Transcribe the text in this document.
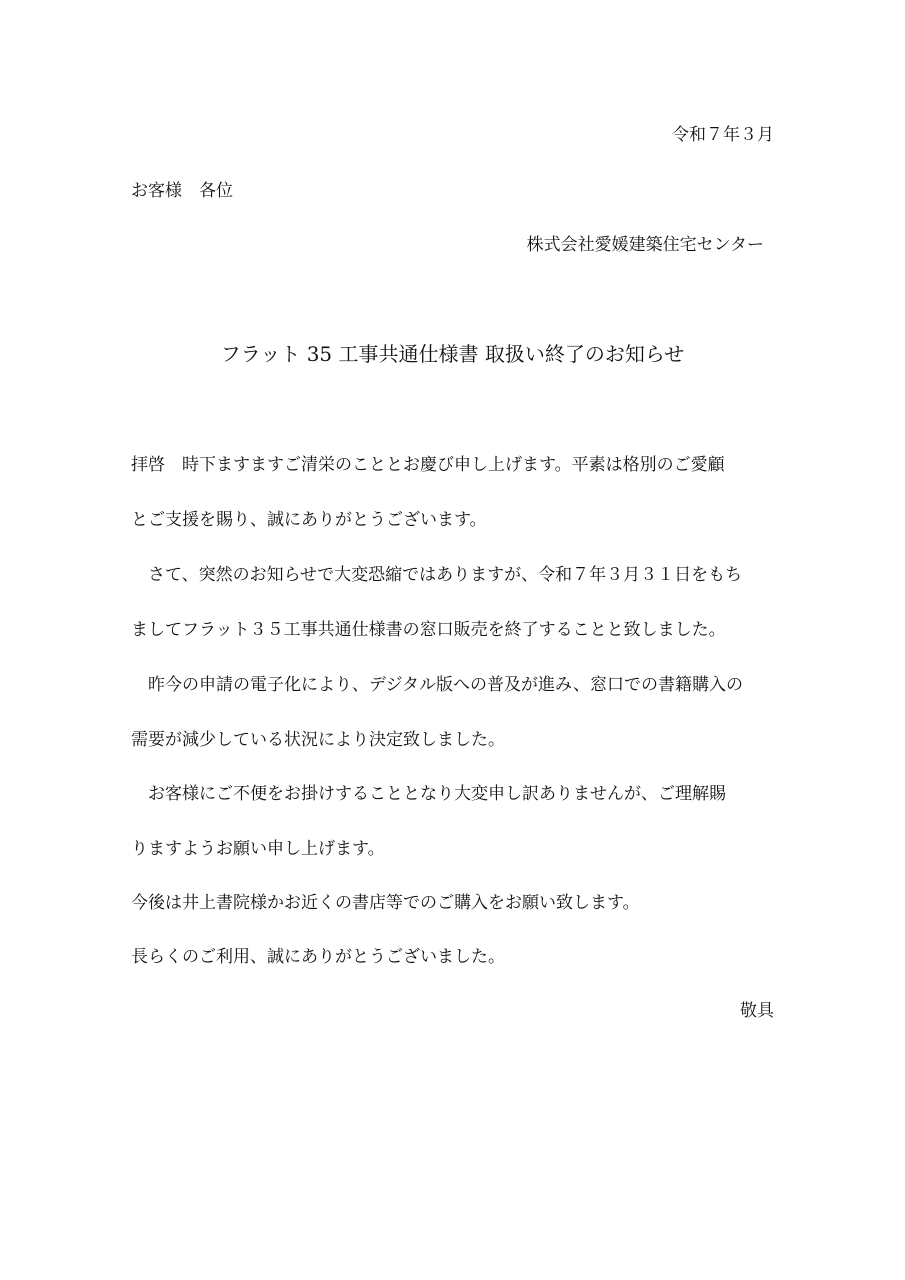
令和７年３月
お客様　各位
株式会社愛媛建築住宅センター
フラット 35 工事共通仕様書 取扱い終了のお知らせ
拝啓　時下ますますご清栄のこととお慶び申し上げます。平素は格別のご愛顧
とご支援を賜り、誠にありがとうございます。
　さて、突然のお知らせで大変恐縮ではありますが、令和７年３月３１日をもち
ましてフラット３５工事共通仕様書の窓口販売を終了することと致しました。
　昨今の申請の電子化により、デジタル版への普及が進み、窓口での書籍購入の
需要が減少している状況により決定致しました。
　お客様にご不便をお掛けすることとなり大変申し訳ありませんが、ご理解賜
りますようお願い申し上げます。
今後は井上書院様かお近くの書店等でのご購入をお願い致します。
長らくのご利用、誠にありがとうございました。
敬具
